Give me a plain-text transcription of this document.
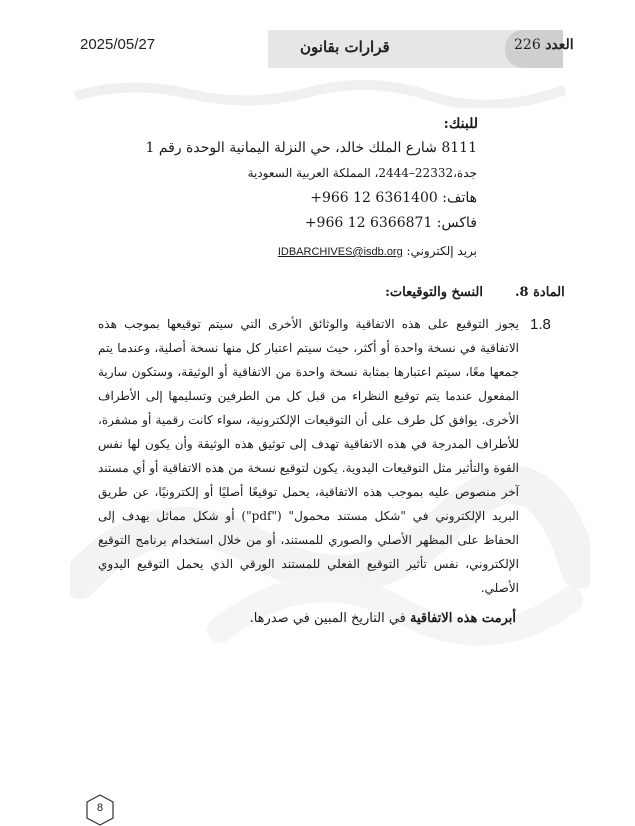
2025/05/27	قرارات بقانون	العدد 226
للبنك:
8111 شارع الملك خالد، حي النزلة اليمانية الوحدة رقم 1
جدة،22332–2444، المملكة العربية السعودية
هاتف: +966 12 6361400
فاكس: +966 12 6366871
بريد إلكتروني: IDBARCHIVES@isdb.org
المادة 8.
النسخ والتوقيعات:
1.8

يجوز التوقيع على هذه الاتفاقية والوثائق الأخرى التي سيتم توقيعها بموجب هذه الاتفاقية في نسخة واحدة أو أكثر، حيث سيتم اعتبار كل منها نسخة أصلية، وعندما يتم جمعها معًا، سيتم اعتبارها بمثابة نسخة واحدة من الاتفاقية أو الوثيقة، وستكون سارية المفعول عندما يتم توقيع النظراء من قبل كل من الطرفين وتسليمها إلى الأطراف الأخرى. يوافق كل طرف على أن التوقيعات الإلكترونية، سواء كانت رقمية أو مشفرة، للأطراف المدرجة في هذه الاتفاقية تهدف إلى توثيق هذه الوثيقة وأن يكون لها نفس القوة والتأثير مثل التوقيعات اليدوية. يكون لتوقيع نسخة من هذه الاتفاقية أو أي مستند آخر منصوص عليه بموجب هذه الاتفاقية، يحمل توقيعًا أصليًا أو إلكترونيًا، عن طريق البريد الإلكتروني في "شكل مستند محمول" ("pdf") أو شكل مماثل يهدف إلى الحفاظ على المظهر الأصلي والصوري للمستند، أو من خلال استخدام برنامج التوقيع الإلكتروني، نفس تأثير التوقيع الفعلي للمستند الورقي الذي يحمل التوقيع اليدوي الأصلي.

أبرمت هذه الاتفاقية في التاريخ المبين في صدرها.
8
